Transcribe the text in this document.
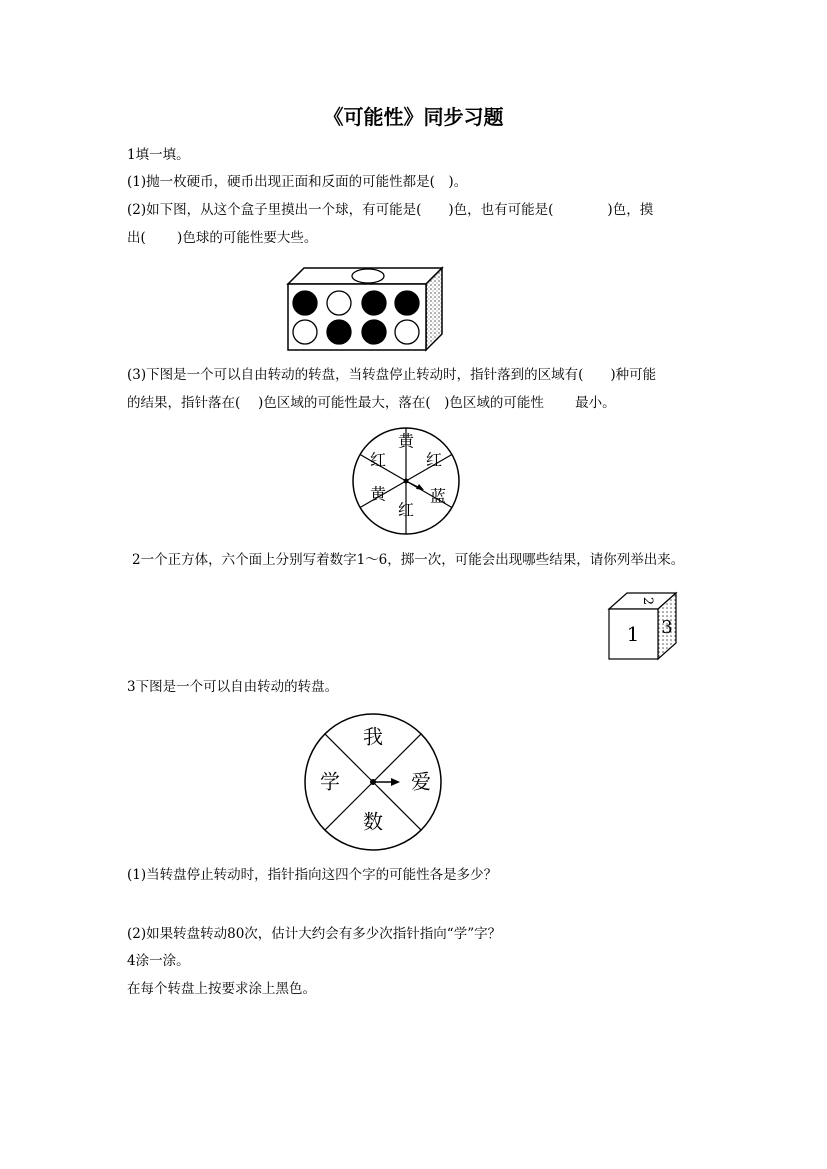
《可能性》同步习题
1填一填。
(1)抛一枚硬币，硬币出现正面和反面的可能性都是(　)。
(2)如下图，从这个盒子里摸出一个球，有可能是(　　)色，也有可能是(　　　　)色，摸
出(　　 )色球的可能性要大些。
(3)下图是一个可以自由转动的转盘，当转盘停止转动时，指针落到的区域有(　　)种可能
的结果，指针落在(　 )色区域的可能性最大，落在(　)色区域的可能性　　 最小。
黄
红 红
黄	蓝
红
2一个正方体，六个面上分别写着数字1～6，掷一次，可能会出现哪些结果，请你列举出来。
1
2
3
3下图是一个可以自由转动的转盘。
我
爱
数
学
(1)当转盘停止转动时，指针指向这四个字的可能性各是多少？
(2)如果转盘转动80次，估计大约会有多少次指针指向“学”字？
4涂一涂。
在每个转盘上按要求涂上黑色。
